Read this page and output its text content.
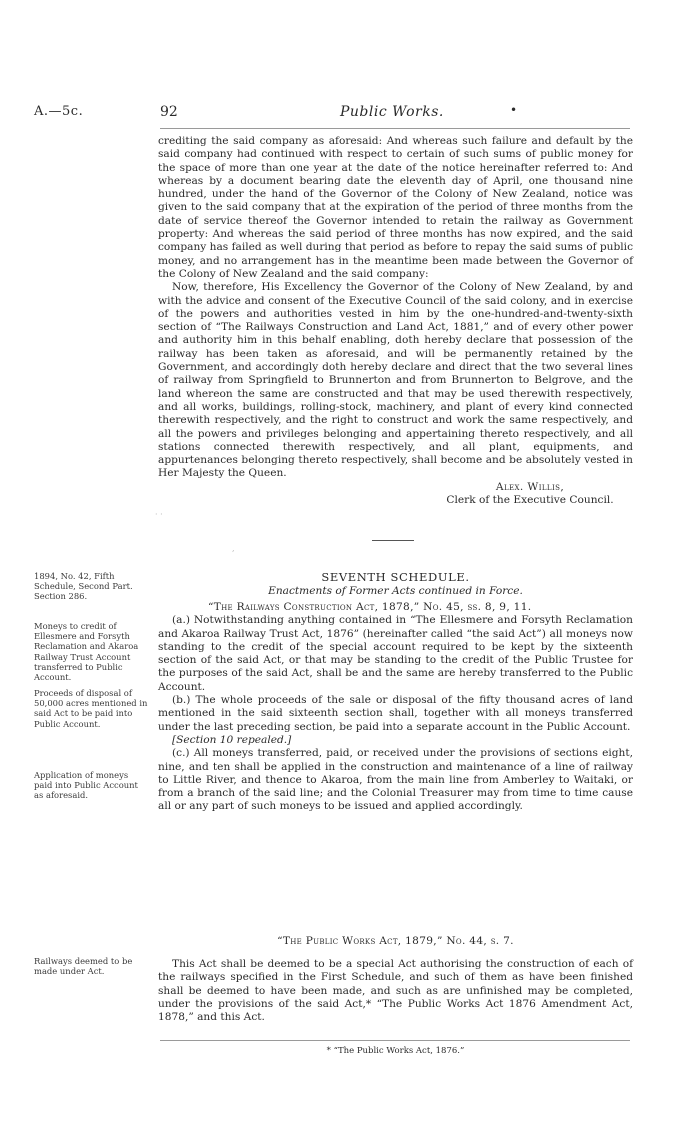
A.—5c.	92	Public Works.	•

crediting the said company as aforesaid: And whereas such failure and default by the said company had continued with respect to certain of such sums of public money for the space of more than one year at the date of the notice hereinafter referred to: And whereas by a document bearing date the eleventh day of April, one thousand nine hundred, under the hand of the Governor of the Colony of New Zealand, notice was given to the said company that at the expiration of the period of three months from the date of service thereof the Governor intended to retain the railway as Government property: And whereas the said period of three months has now expired, and the said company has failed as well during that period as before to repay the said sums of public money, and no arrangement has in the meantime been made between the Governor of the Colony of New Zealand and the said company:

Now, therefore, His Excellency the Governor of the Colony of New Zealand, by and with the advice and consent of the Executive Council of the said colony, and in exercise of the powers and authorities vested in him by the one-hundred-and-twenty-sixth section of “The Railways Construction and Land Act, 1881,” and of every other power and authority him in this behalf enabling, doth hereby declare that possession of the railway has been taken as aforesaid, and will be permanently retained by the Government, and accordingly doth hereby declare and direct that the two several lines of railway from Springfield to Brunnerton and from Brunnerton to Belgrove, and the land whereon the same are constructed and that may be used therewith respectively, and all works, buildings, rolling-stock, machinery, and plant of every kind connected therewith respectively, and the right to construct and work the same respectively, and all the powers and privileges belonging and appertaining thereto respectively, and all stations connected therewith respectively, and all plant, equipments, and appurtenances belonging thereto respectively, shall become and be absolutely vested in Her Majesty the Queen.

Alex. Willis,
Clerk of the Executive Council.
· ·
,
SEVENTH SCHEDULE.
Enactments of Former Acts continued in Force.

“The Railways Construction Act, 1878,” No. 45, ss. 8, 9, 11.

(a.) Notwithstanding anything contained in “The Ellesmere and Forsyth Reclamation and Akaroa Railway Trust Act, 1876” (hereinafter called “the said Act”) all moneys now standing to the credit of the special account required to be kept by the sixteenth section of the said Act, or that may be standing to the credit of the Public Trustee for the purposes of the said Act, shall be and the same are hereby transferred to the Public Account.

(b.) The whole proceeds of the sale or disposal of the fifty thousand acres of land mentioned in the said sixteenth section shall, together with all moneys transferred under the last preceding section, be paid into a separate account in the Public Account.

[Section 10 repealed.]

(c.) All moneys transferred, paid, or received under the provisions of sections eight, nine, and ten shall be applied in the construction and maintenance of a line of railway to Little River, and thence to Akaroa, from the main line from Amberley to Waitaki, or from a branch of the said line; and the Colonial Treasurer may from time to time cause all or any part of such moneys to be issued and applied accordingly.

“The Public Works Act, 1879,” No. 44, s. 7.

This Act shall be deemed to be a special Act authorising the construction of each of the railways specified in the First Schedule, and such of them as have been finished shall be deemed to have been made, and such as are unfinished may be completed, under the provisions of the said Act,* “The Public Works Act 1876 Amendment Act, 1878,” and this Act.

* “The Public Works Act, 1876.”
1894, No. 42, Fifth Schedule, Second Part. Section 286.
Moneys to credit of Ellesmere and Forsyth Reclamation and Akaroa Railway Trust Account transferred to Public Account.
Proceeds of disposal of 50,000 acres mentioned in said Act to be paid into Public Account.
Application of moneys paid into Public Account as aforesaid.
Railways deemed to be made under Act.
